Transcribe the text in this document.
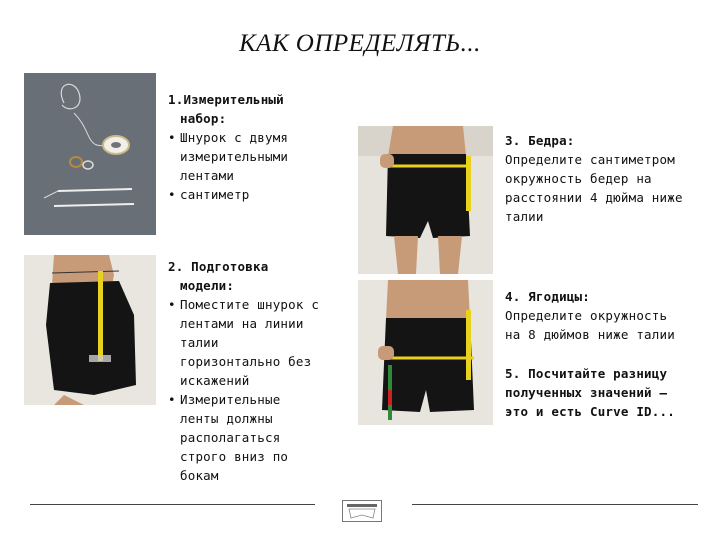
КАК ОПРЕДЕЛЯТЬ...
1.Измерительный
набор:
• Шнурок с двумя
измерительными
лентами
• сантиметр
2. Подготовка
модели:
• Поместите шнурок с
лентами на линии
талии
горизонтально без
искажений
• Измерительные
ленты должны
располагаться
строго вниз по
бокам
3. Бедра:
Определите сантиметром
окружность бедер на
расстоянии 4 дюйма ниже
талии
4. Ягодицы:
Определите окружность
на 8 дюймов ниже талии
5. Посчитайте разницу
полученных значений –
это и есть Curve ID...
